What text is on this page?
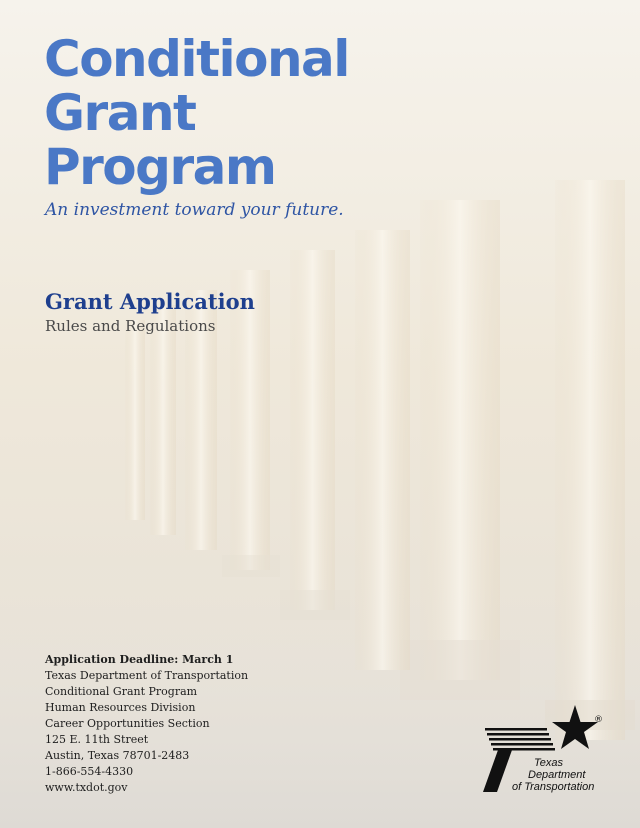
Conditional
Grant
Program
An investment toward your future.
Grant Application
Rules and Regulations
Application Deadline: March 1
Texas Department of Transportation
Conditional Grant Program
Human Resources Division
Career Opportunities Section
125 E. 11th Street
Austin, Texas 78701-2483
1-866-554-4330
www.txdot.gov
®
Texas
Department
of Transportation
